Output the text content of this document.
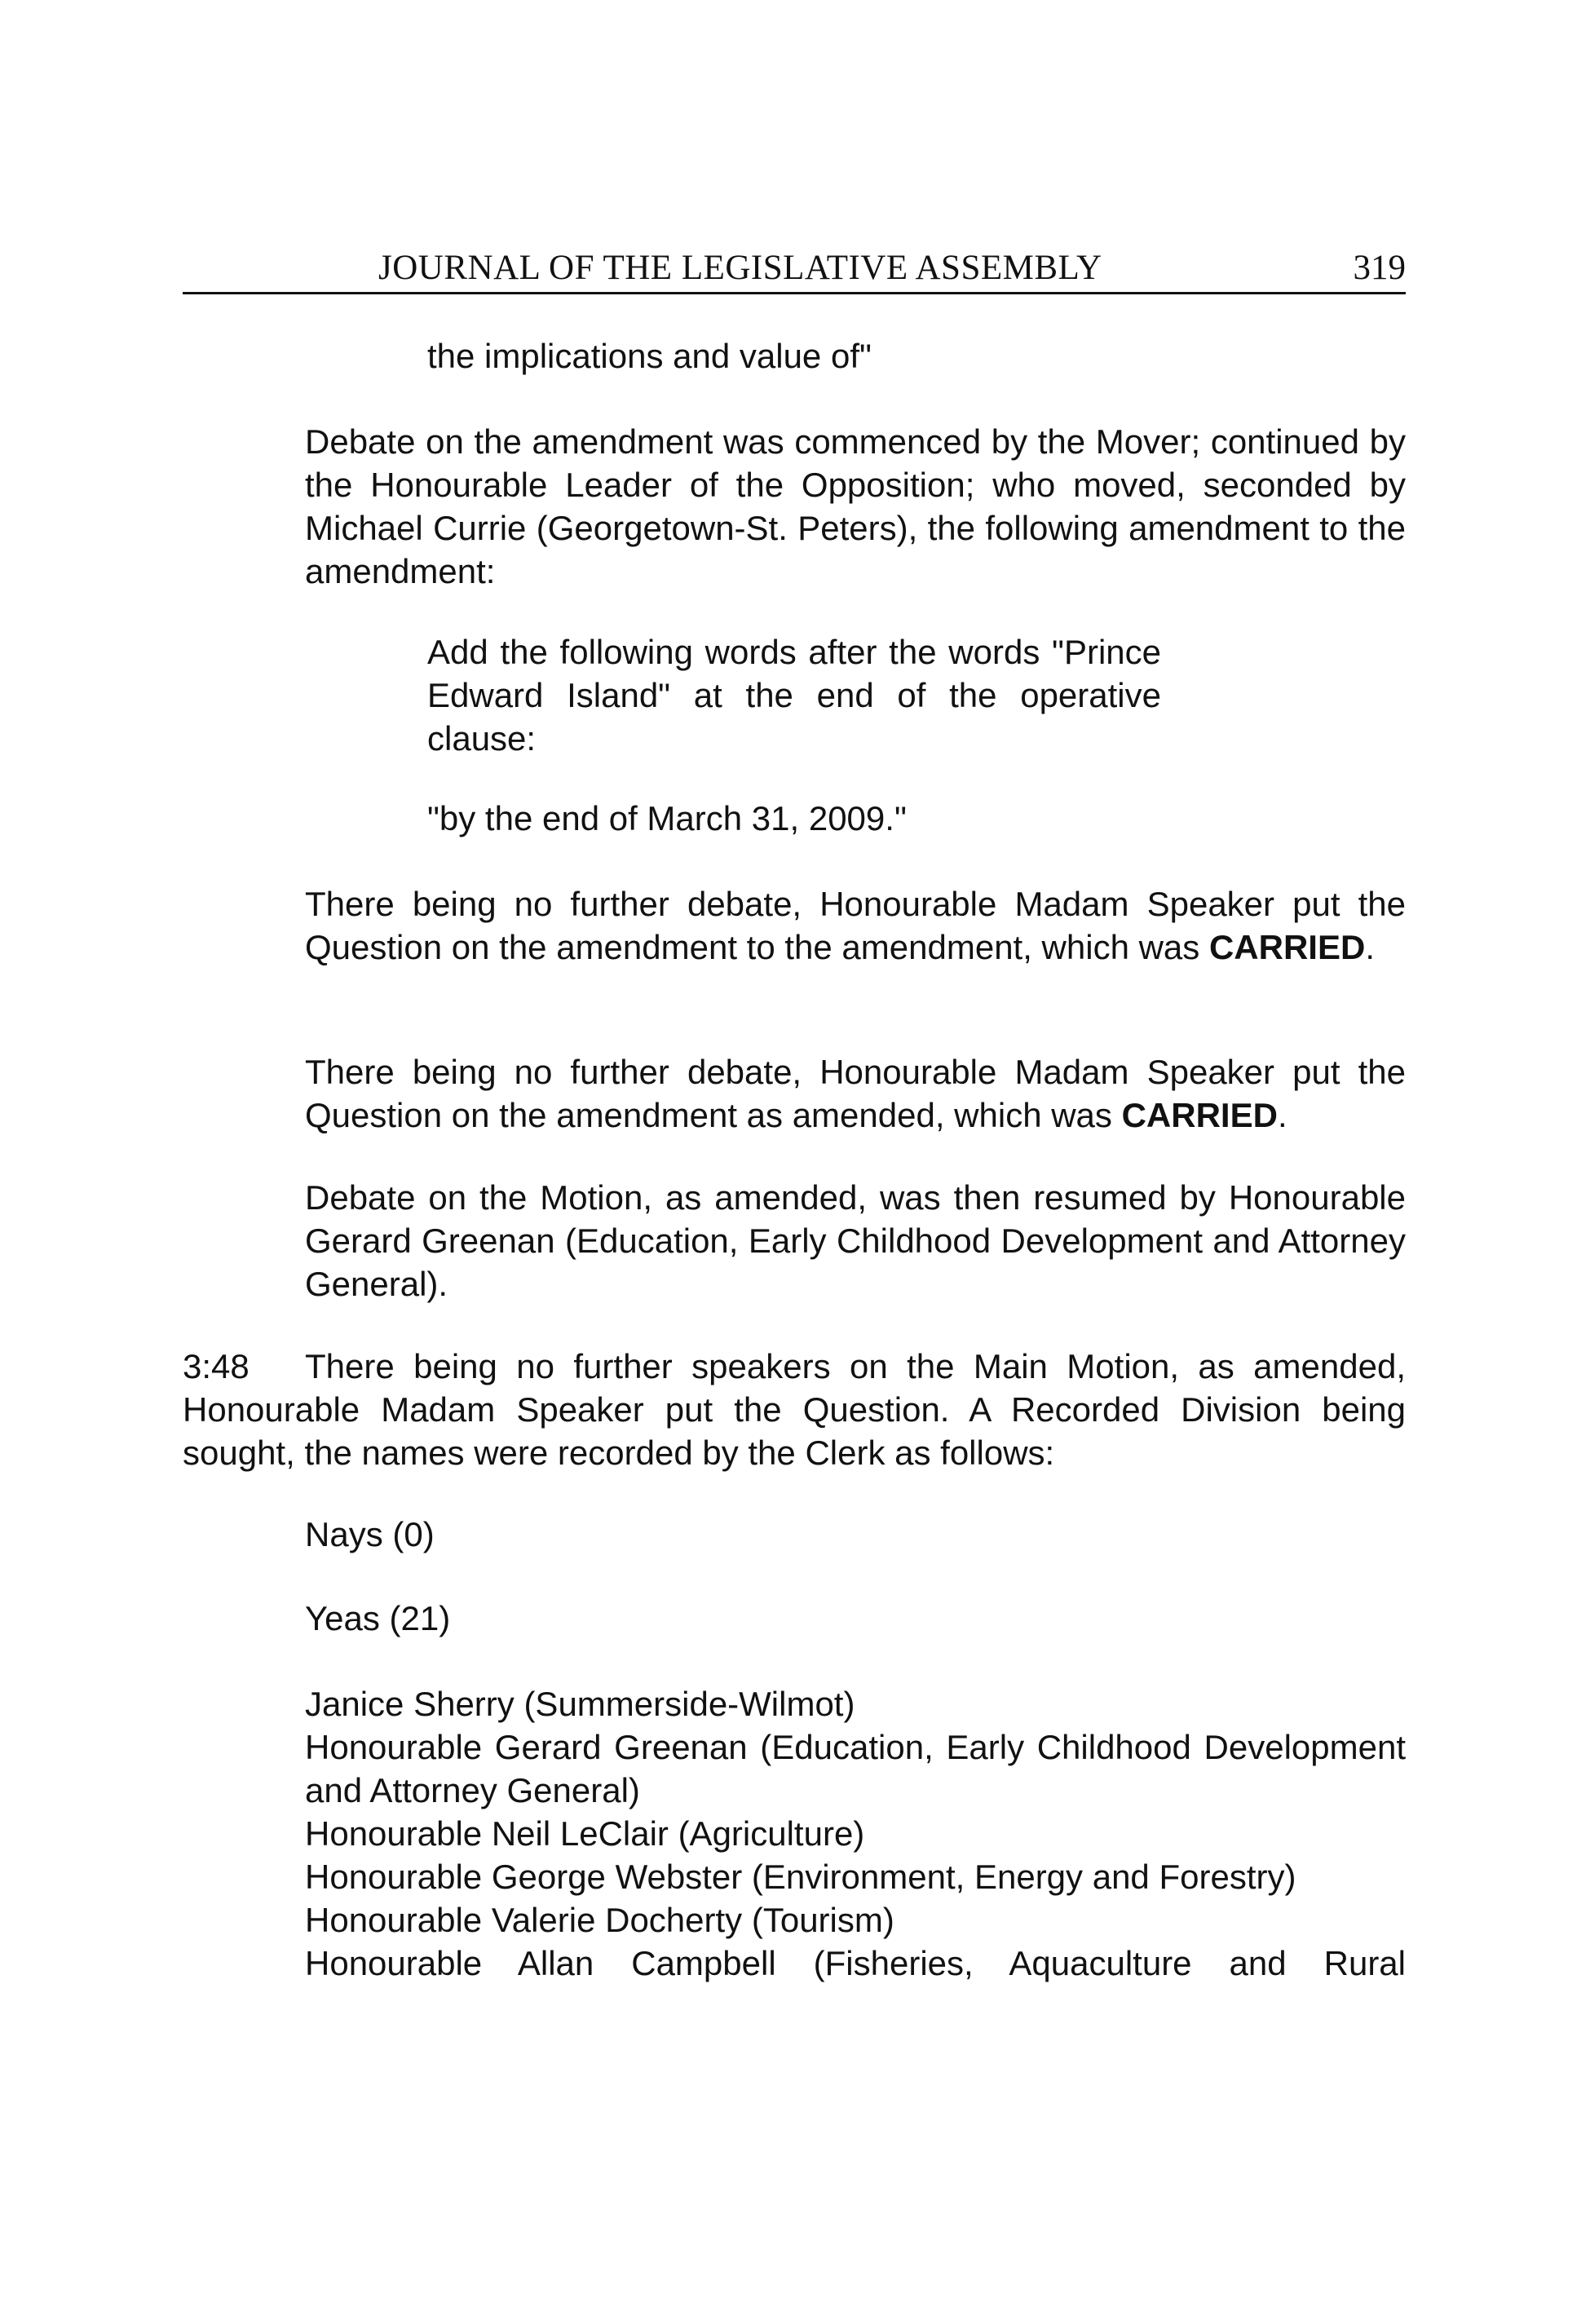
JOURNAL OF THE LEGISLATIVE ASSEMBLY	319

the implications and value of"

Debate on the amendment was commenced by the Mover; continued by the Honourable Leader of the Opposition; who moved, seconded by Michael Currie (Georgetown-St. Peters), the following amendment to the amendment:

Add the following words after the words "Prince Edward Island" at the end of the operative clause:

"by the end of March 31, 2009."

There being no further debate, Honourable Madam Speaker put the Question on the amendment to the amendment, which was CARRIED.

There being no further debate, Honourable Madam Speaker put the Question on the amendment as amended, which was CARRIED.

Debate on the Motion, as amended, was then resumed by Honourable Gerard Greenan (Education, Early Childhood Development and Attorney General).

3:48 There being no further speakers on the Main Motion, as amended, Honourable Madam Speaker put the Question. A Recorded Division being sought, the names were recorded by the Clerk as follows:

Nays (0)

Yeas (21)

Janice Sherry (Summerside-Wilmot)

Honourable Gerard Greenan (Education, Early Childhood Development and Attorney General)

Honourable Neil LeClair (Agriculture)

Honourable George Webster (Environment, Energy and Forestry)

Honourable Valerie Docherty (Tourism)

Honourable Allan Campbell (Fisheries, Aquaculture and Rural
